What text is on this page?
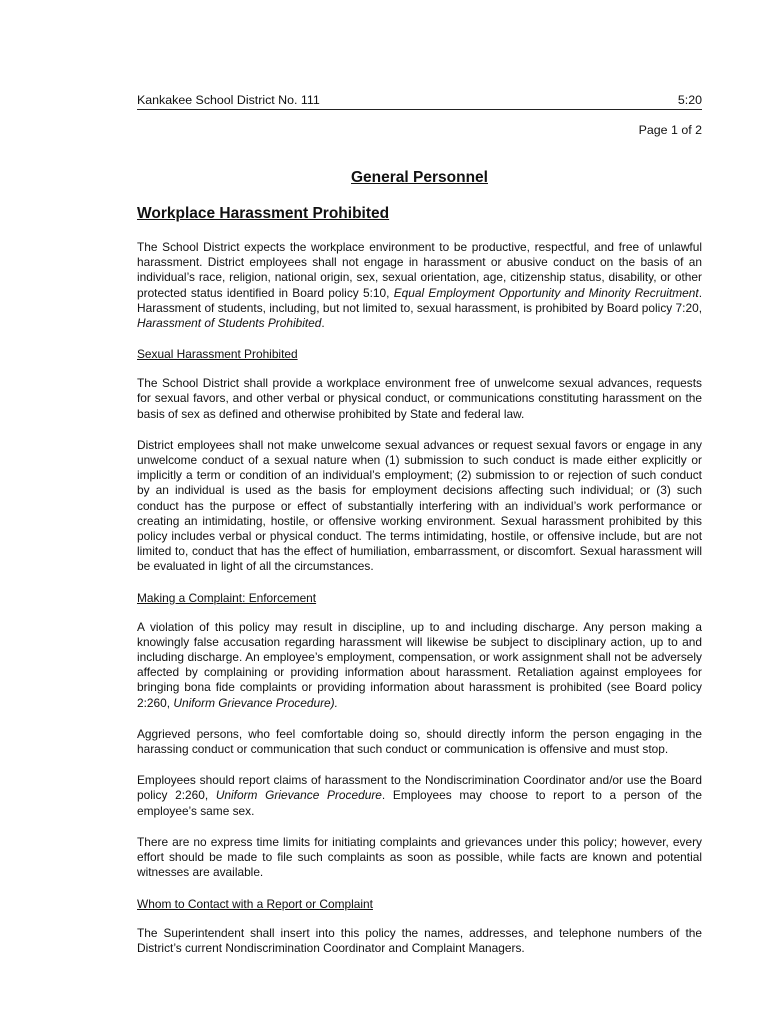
Kankakee School District No. 111	5:20
Page 1 of 2
General Personnel
Workplace Harassment Prohibited

The School District expects the workplace environment to be productive, respectful, and free of unlawful harassment. District employees shall not engage in harassment or abusive conduct on the basis of an individual’s race, religion, national origin, sex, sexual orientation, age, citizenship status, disability, or other protected status identified in Board policy 5:10, Equal Employment Opportunity and Minority Recruitment. Harassment of students, including, but not limited to, sexual harassment, is prohibited by Board policy 7:20, Harassment of Students Prohibited.

Sexual Harassment Prohibited

The School District shall provide a workplace environment free of unwelcome sexual advances, requests for sexual favors, and other verbal or physical conduct, or communications constituting harassment on the basis of sex as defined and otherwise prohibited by State and federal law.

District employees shall not make unwelcome sexual advances or request sexual favors or engage in any unwelcome conduct of a sexual nature when (1) submission to such conduct is made either explicitly or implicitly a term or condition of an individual’s employment; (2) submission to or rejection of such conduct by an individual is used as the basis for employment decisions affecting such individual; or (3) such conduct has the purpose or effect of substantially interfering with an individual’s work performance or creating an intimidating, hostile, or offensive working environment. Sexual harassment prohibited by this policy includes verbal or physical conduct. The terms intimidating, hostile, or offensive include, but are not limited to, conduct that has the effect of humiliation, embarrassment, or discomfort. Sexual harassment will be evaluated in light of all the circumstances.

Making a Complaint: Enforcement

A violation of this policy may result in discipline, up to and including discharge. Any person making a knowingly false accusation regarding harassment will likewise be subject to disciplinary action, up to and including discharge. An employee’s employment, compensation, or work assignment shall not be adversely affected by complaining or providing information about harassment. Retaliation against employees for bringing bona fide complaints or providing information about harassment is prohibited (see Board policy 2:260, Uniform Grievance Procedure).

Aggrieved persons, who feel comfortable doing so, should directly inform the person engaging in the harassing conduct or communication that such conduct or communication is offensive and must stop.

Employees should report claims of harassment to the Nondiscrimination Coordinator and/or use the Board policy 2:260, Uniform Grievance Procedure. Employees may choose to report to a person of the employee’s same sex.

There are no express time limits for initiating complaints and grievances under this policy; however, every effort should be made to file such complaints as soon as possible, while facts are known and potential witnesses are available.

Whom to Contact with a Report or Complaint

The Superintendent shall insert into this policy the names, addresses, and telephone numbers of the District’s current Nondiscrimination Coordinator and Complaint Managers.
